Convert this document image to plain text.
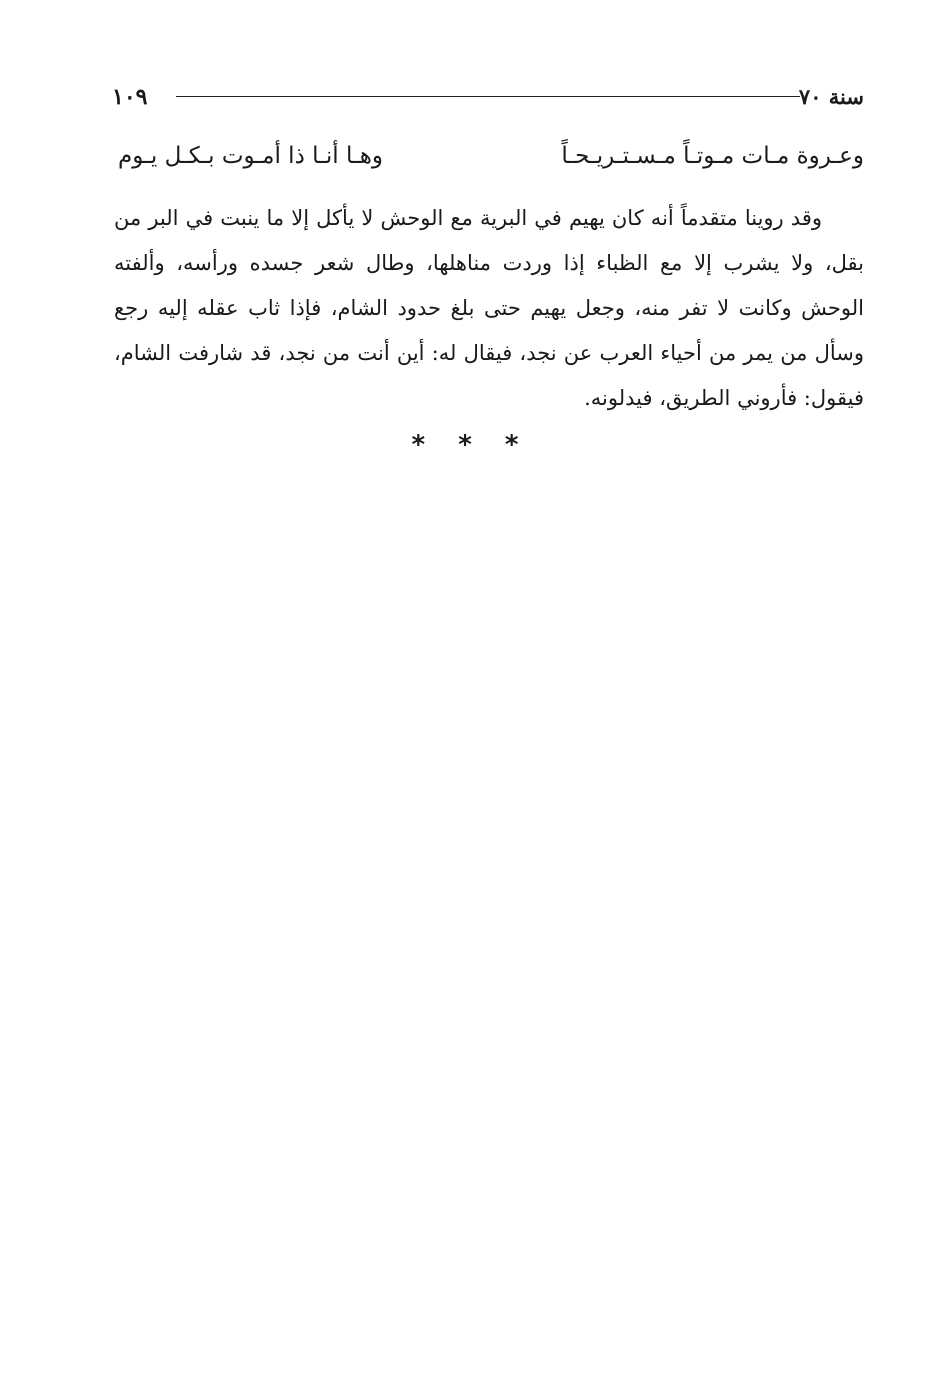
سنة ٧٠
١٠٩
وعـروة مـات مـوتـاً مـسـتـريـحـاً
وهـا أنـا ذا أمـوت بـكـل يـوم

وقد روينا متقدماً أنه كان يهيم في البرية مع الوحش لا يأكل إلا ما ينبت في البر من بقل، ولا يشرب إلا مع الظباء إذا وردت مناهلها، وطال شعر جسده ورأسه، وألفته الوحش وكانت لا تفر منه، وجعل يهيم حتى بلغ حدود الشام، فإذا ثاب عقله إليه رجع وسأل من يمر من أحياء العرب عن نجد، فيقال له: أين أنت من نجد، قد شارفت الشام، فيقول: فأروني الطريق، فيدلونه.

* * *
